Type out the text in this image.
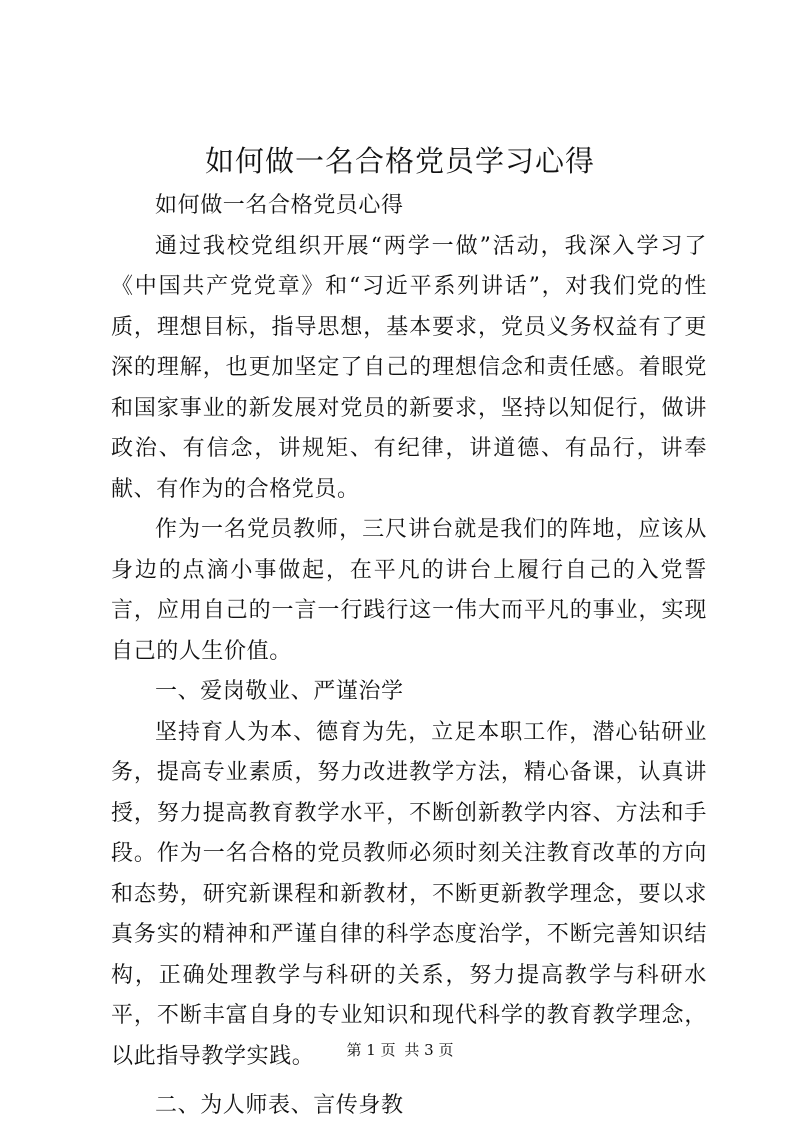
如何做一名合格党员学习心得

如何做一名合格党员心得

通过我校党组织开展“两学一做”活动，我深入学习了《中国共产党党章》和“习近平系列讲话”，对我们党的性质，理想目标，指导思想，基本要求，党员义务权益有了更深的理解，也更加坚定了自己的理想信念和责任感。着眼党和国家事业的新发展对党员的新要求，坚持以知促行，做讲政治、有信念，讲规矩、有纪律，讲道德、有品行，讲奉献、有作为的合格党员。

作为一名党员教师，三尺讲台就是我们的阵地，应该从身边的点滴小事做起，在平凡的讲台上履行自己的入党誓言，应用自己的一言一行践行这一伟大而平凡的事业，实现自己的人生价值。

一、爱岗敬业、严谨治学

坚持育人为本、德育为先，立足本职工作，潜心钻研业务，提高专业素质，努力改进教学方法，精心备课，认真讲授，努力提高教育教学水平，不断创新教学内容、方法和手段。作为一名合格的党员教师必须时刻关注教育改革的方向和态势，研究新课程和新教材，不断更新教学理念，要以求真务实的精神和严谨自律的科学态度治学，不断完善知识结构，正确处理教学与科研的关系，努力提高教学与科研水平，不断丰富自身的专业知识和现代科学的教育教学理念，以此指导教学实践。

二、为人师表、言传身教

第 1 页 共 3 页
